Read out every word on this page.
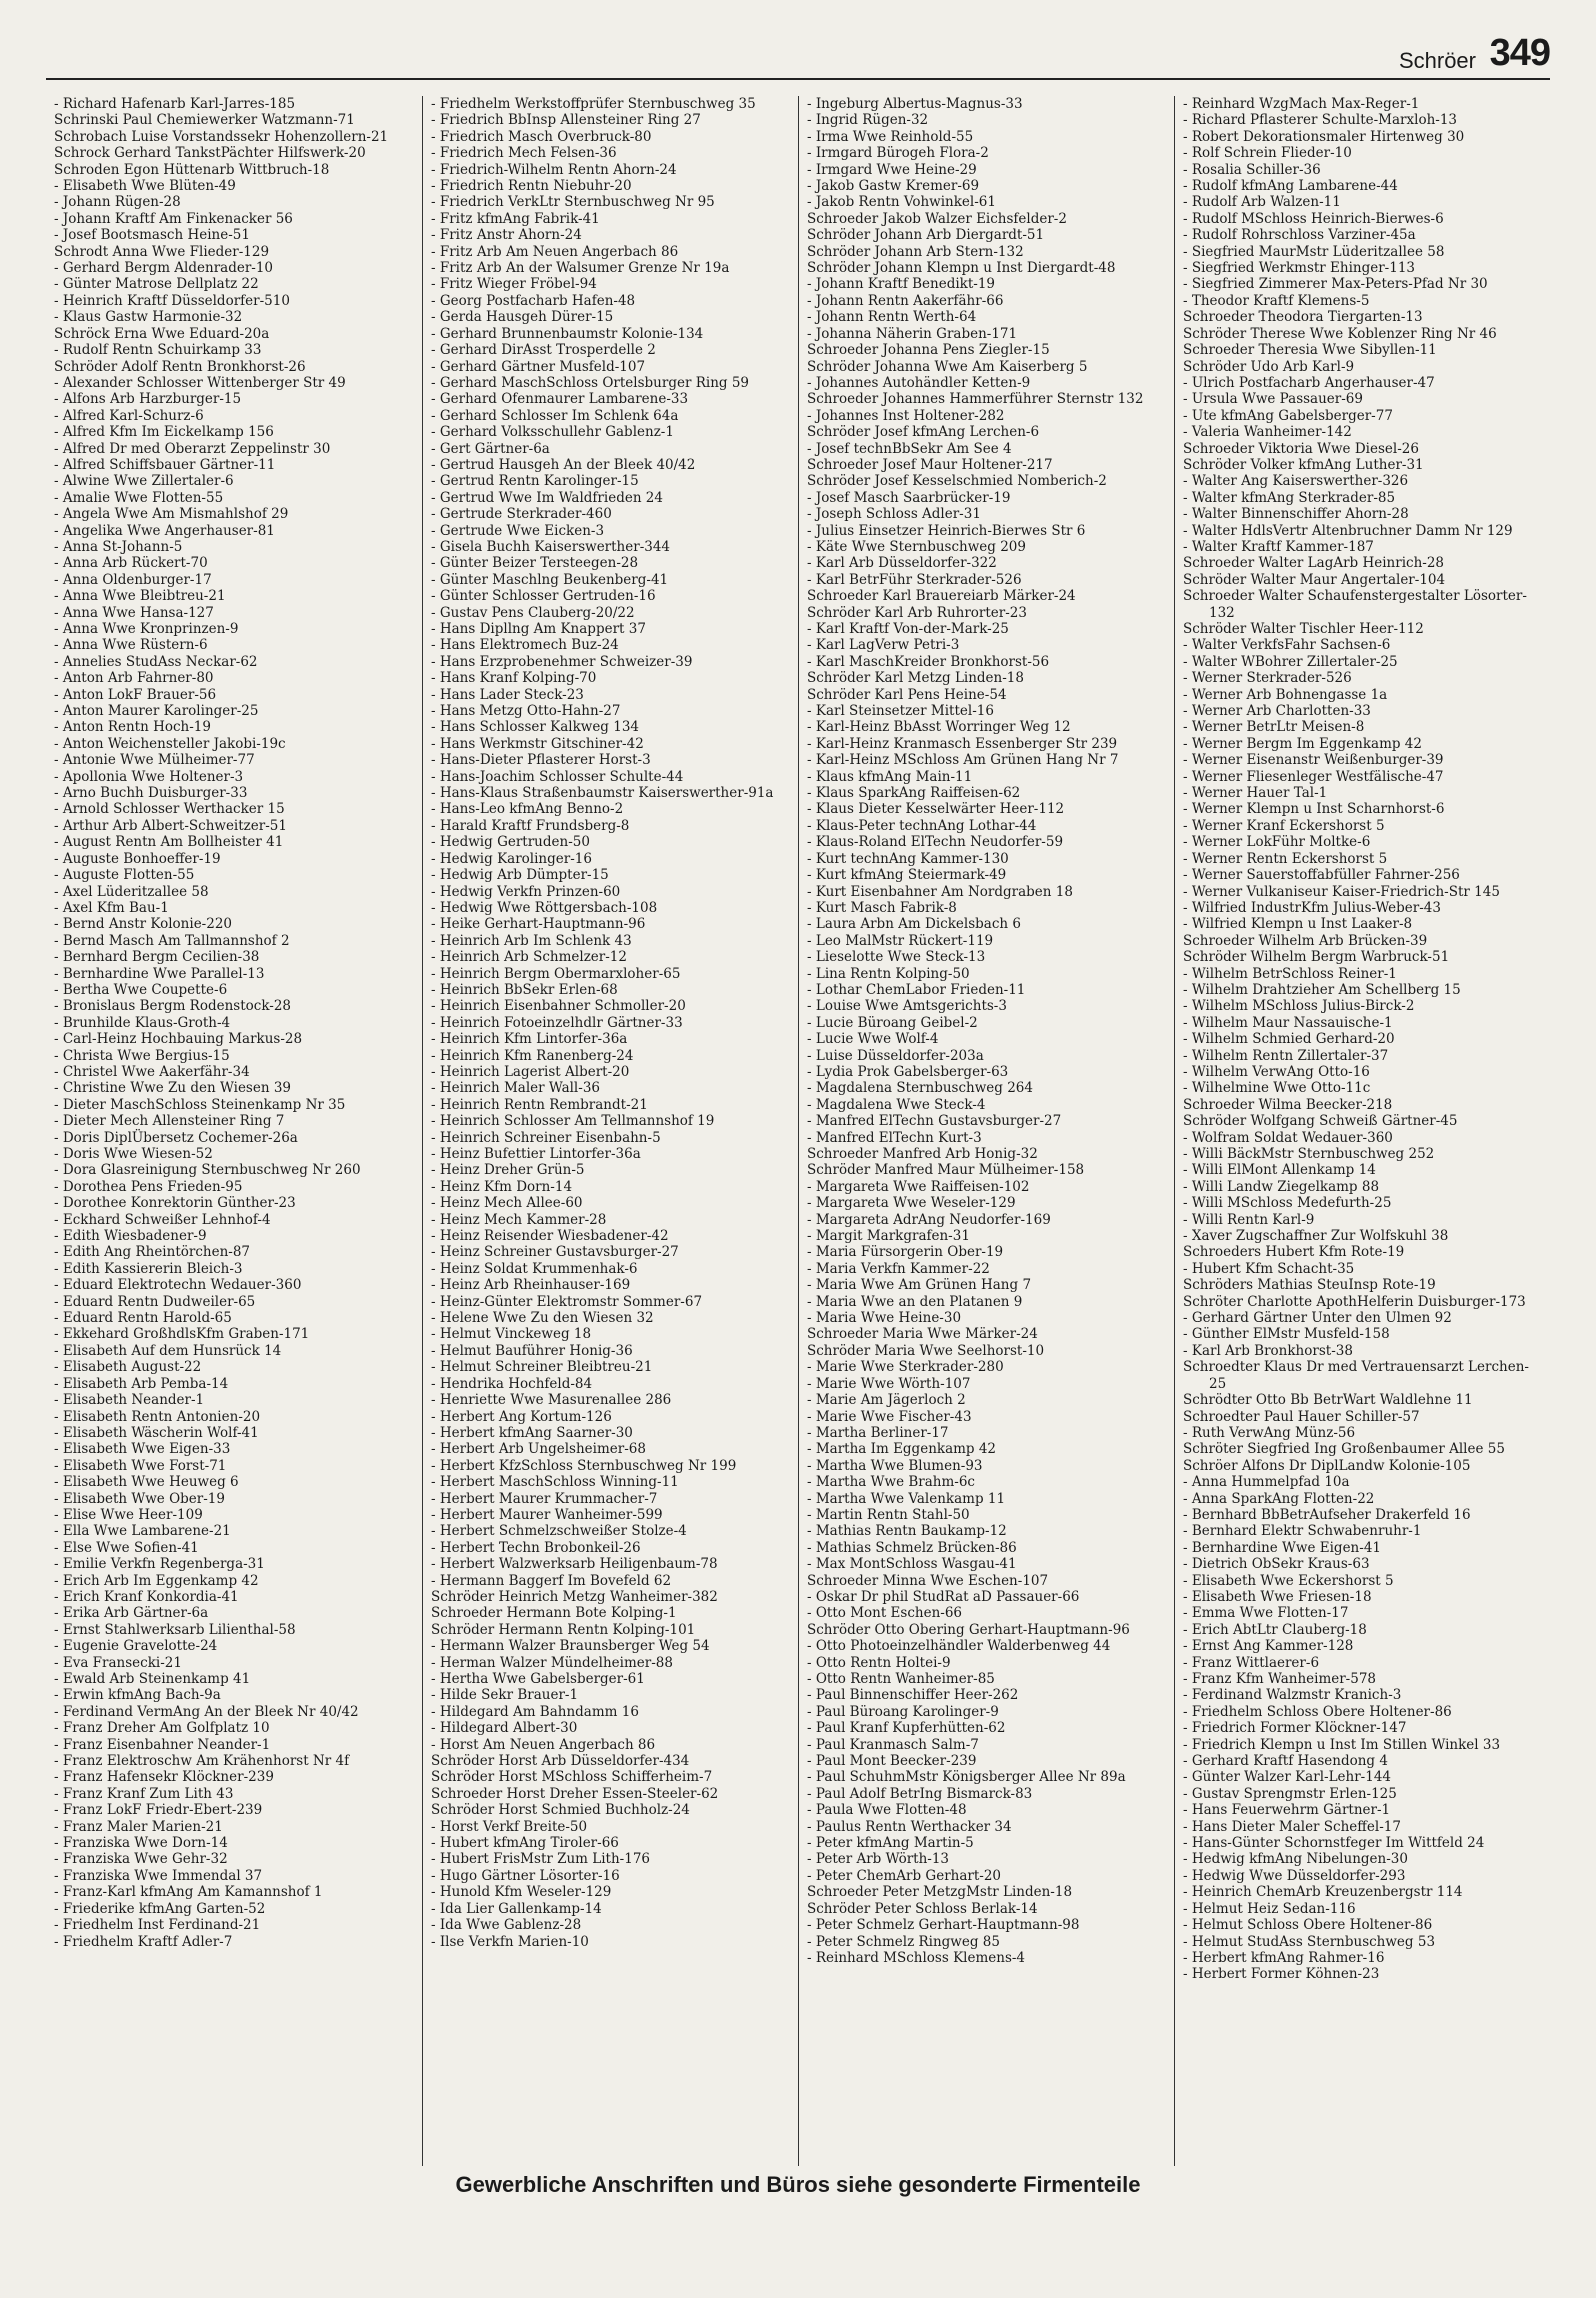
Schröer 349
- Richard Hafenarb Karl-Jarres-185
Schrinski Paul Chemiewerker Watzmann-71
Schrobach Luise Vorstandssekr Hohenzollern-21
Schrock Gerhard TankstPächter Hilfswerk-20
Schroden Egon Hüttenarb Wittbruch-18
- Elisabeth Wwe Blüten-49
- Johann Rügen-28
- Johann Kraftf Am Finkenacker 56
- Josef Bootsmasch Heine-51
Schrodt Anna Wwe Flieder-129
- Gerhard Bergm Aldenrader-10
- Günter Matrose Dellplatz 22
- Heinrich Kraftf Düsseldorfer-510
- Klaus Gastw Harmonie-32
Schröck Erna Wwe Eduard-20a
- Rudolf Rentn Schuirkamp 33
Schröder Adolf Rentn Bronkhorst-26
- Alexander Schlosser Wittenberger Str 49
- Alfons Arb Harzburger-15
- Alfred Karl-Schurz-6
- Alfred Kfm Im Eickelkamp 156
- Alfred Dr med Oberarzt Zeppelinstr 30
- Alfred Schiffsbauer Gärtner-11
- Alwine Wwe Zillertaler-6
- Amalie Wwe Flotten-55
- Angela Wwe Am Mismahlshof 29
- Angelika Wwe Angerhauser-81
- Anna St-Johann-5
- Anna Arb Rückert-70
- Anna Oldenburger-17
- Anna Wwe Bleibtreu-21
- Anna Wwe Hansa-127
- Anna Wwe Kronprinzen-9
- Anna Wwe Rüstern-6
- Annelies StudAss Neckar-62
- Anton Arb Fahrner-80
- Anton LokF Brauer-56
- Anton Maurer Karolinger-25
- Anton Rentn Hoch-19
- Anton Weichensteller Jakobi-19c
- Antonie Wwe Mülheimer-77
- Apollonia Wwe Holtener-3
- Arno Buchh Duisburger-33
- Arnold Schlosser Werthacker 15
- Arthur Arb Albert-Schweitzer-51
- August Rentn Am Bollheister 41
- Auguste Bonhoeffer-19
- Auguste Flotten-55
- Axel Lüderitzallee 58
- Axel Kfm Bau-1
- Bernd Anstr Kolonie-220
- Bernd Masch Am Tallmannshof 2
- Bernhard Bergm Cecilien-38
- Bernhardine Wwe Parallel-13
- Bertha Wwe Coupette-6
- Bronislaus Bergm Rodenstock-28
- Brunhilde Klaus-Groth-4
- Carl-Heinz Hochbauing Markus-28
- Christa Wwe Bergius-15
- Christel Wwe Aakerfähr-34
- Christine Wwe Zu den Wiesen 39
- Dieter MaschSchloss Steinenkamp Nr 35
- Dieter Mech Allensteiner Ring 7
- Doris DiplÜbersetz Cochemer-26a
- Doris Wwe Wiesen-52
- Dora Glasreinigung Sternbuschweg Nr 260
- Dorothea Pens Frieden-95
- Dorothee Konrektorin Günther-23
- Eckhard Schweißer Lehnhof-4
- Edith Wiesbadener-9
- Edith Ang Rheintörchen-87
- Edith Kassiererin Bleich-3
- Eduard Elektrotechn Wedauer-360
- Eduard Rentn Dudweiler-65
- Eduard Rentn Harold-65
- Ekkehard GroßhdlsKfm Graben-171
- Elisabeth Auf dem Hunsrück 14
- Elisabeth August-22
- Elisabeth Arb Pemba-14
- Elisabeth Neander-1
- Elisabeth Rentn Antonien-20
- Elisabeth Wäscherin Wolf-41
- Elisabeth Wwe Eigen-33
- Elisabeth Wwe Forst-71
- Elisabeth Wwe Heuweg 6
- Elisabeth Wwe Ober-19
- Elise Wwe Heer-109
- Ella Wwe Lambarene-21
- Else Wwe Sofien-41
- Emilie Verkfn Regenberga-31
- Erich Arb Im Eggenkamp 42
- Erich Kranf Konkordia-41
- Erika Arb Gärtner-6a
- Ernst Stahlwerksarb Lilienthal-58
- Eugenie Gravelotte-24
- Eva Fransecki-21
- Ewald Arb Steinenkamp 41
- Erwin kfmAng Bach-9a
- Ferdinand VermAng An der Bleek Nr 40/42
- Franz Dreher Am Golfplatz 10
- Franz Eisenbahner Neander-1
- Franz Elektroschw Am Krähenhorst Nr 4f
- Franz Hafensekr Klöckner-239
- Franz Kranf Zum Lith 43
- Franz LokF Friedr-Ebert-239
- Franz Maler Marien-21
- Franziska Wwe Dorn-14
- Franziska Wwe Gehr-32
- Franziska Wwe Immendal 37
- Franz-Karl kfmAng Am Kamannshof 1
- Friederike kfmAng Garten-52
- Friedhelm Inst Ferdinand-21
- Friedhelm Kraftf Adler-7
- Friedhelm Werkstoffprüfer Sternbuschweg 35
- Friedrich BbInsp Allensteiner Ring 27
- Friedrich Masch Overbruck-80
- Friedrich Mech Felsen-36
- Friedrich-Wilhelm Rentn Ahorn-24
- Friedrich Rentn Niebuhr-20
- Friedrich VerkLtr Sternbuschweg Nr 95
- Fritz kfmAng Fabrik-41
- Fritz Anstr Ahorn-24
- Fritz Arb Am Neuen Angerbach 86
- Fritz Arb An der Walsumer Grenze Nr 19a
- Fritz Wieger Fröbel-94
- Georg Postfacharb Hafen-48
- Gerda Hausgeh Dürer-15
- Gerhard Brunnenbaumstr Kolonie-134
- Gerhard DirAsst Trosperdelle 2
- Gerhard Gärtner Musfeld-107
- Gerhard MaschSchloss Ortelsburger Ring 59
- Gerhard Ofenmaurer Lambarene-33
- Gerhard Schlosser Im Schlenk 64a
- Gerhard Volksschullehr Gablenz-1
- Gert Gärtner-6a
- Gertrud Hausgeh An der Bleek 40/42
- Gertrud Rentn Karolinger-15
- Gertrud Wwe Im Waldfrieden 24
- Gertrude Sterkrader-460
- Gertrude Wwe Eicken-3
- Gisela Buchh Kaiserswerther-344
- Günter Beizer Tersteegen-28
- Günter Maschlng Beukenberg-41
- Günter Schlosser Gertruden-16
- Gustav Pens Clauberg-20/22
- Hans Dipllng Am Knappert 37
- Hans Elektromech Buz-24
- Hans Erzprobenehmer Schweizer-39
- Hans Kranf Kolping-70
- Hans Lader Steck-23
- Hans Metzg Otto-Hahn-27
- Hans Schlosser Kalkweg 134
- Hans Werkmstr Gitschiner-42
- Hans-Dieter Pflasterer Horst-3
- Hans-Joachim Schlosser Schulte-44
- Hans-Klaus Straßenbaumstr Kaiserswerther-91a
- Hans-Leo kfmAng Benno-2
- Harald Kraftf Frundsberg-8
- Hedwig Gertruden-50
- Hedwig Karolinger-16
- Hedwig Arb Dümpter-15
- Hedwig Verkfn Prinzen-60
- Hedwig Wwe Röttgersbach-108
- Heike Gerhart-Hauptmann-96
- Heinrich Arb Im Schlenk 43
- Heinrich Arb Schmelzer-12
- Heinrich Bergm Obermarxloher-65
- Heinrich BbSekr Erlen-68
- Heinrich Eisenbahner Schmoller-20
- Heinrich Fotoeinzelhdlr Gärtner-33
- Heinrich Kfm Lintorfer-36a
- Heinrich Kfm Ranenberg-24
- Heinrich Lagerist Albert-20
- Heinrich Maler Wall-36
- Heinrich Rentn Rembrandt-21
- Heinrich Schlosser Am Tellmannshof 19
- Heinrich Schreiner Eisenbahn-5
- Heinz Bufettier Lintorfer-36a
- Heinz Dreher Grün-5
- Heinz Kfm Dorn-14
- Heinz Mech Allee-60
- Heinz Mech Kammer-28
- Heinz Reisender Wiesbadener-42
- Heinz Schreiner Gustavsburger-27
- Heinz Soldat Krummenhak-6
- Heinz Arb Rheinhauser-169
- Heinz-Günter Elektromstr Sommer-67
- Helene Wwe Zu den Wiesen 32
- Helmut Vinckeweg 18
- Helmut Bauführer Honig-36
- Helmut Schreiner Bleibtreu-21
- Hendrika Hochfeld-84
- Henriette Wwe Masurenallee 286
- Herbert Ang Kortum-126
- Herbert kfmAng Saarner-30
- Herbert Arb Ungelsheimer-68
- Herbert KfzSchloss Sternbuschweg Nr 199
- Herbert MaschSchloss Winning-11
- Herbert Maurer Krummacher-7
- Herbert Maurer Wanheimer-599
- Herbert Schmelzschweißer Stolze-4
- Herbert Techn Brobonkeil-26
- Herbert Walzwerksarb Heiligenbaum-78
- Hermann Baggerf Im Bovefeld 62
Schröder Heinrich Metzg Wanheimer-382
Schroeder Hermann Bote Kolping-1
Schröder Hermann Rentn Kolping-101
- Hermann Walzer Braunsberger Weg 54
- Herman Walzer Mündelheimer-88
- Hertha Wwe Gabelsberger-61
- Hilde Sekr Brauer-1
- Hildegard Am Bahndamm 16
- Hildegard Albert-30
- Horst Am Neuen Angerbach 86
Schröder Horst Arb Düsseldorfer-434
Schröder Horst MSchloss Schifferheim-7
Schroeder Horst Dreher Essen-Steeler-62
Schröder Horst Schmied Buchholz-24
- Horst Verkf Breite-50
- Hubert kfmAng Tiroler-66
- Hubert FrisMstr Zum Lith-176
- Hugo Gärtner Lösorter-16
- Hunold Kfm Weseler-129
- Ida Lier Gallenkamp-14
- Ida Wwe Gablenz-28
- Ilse Verkfn Marien-10
- Ingeburg Albertus-Magnus-33
- Ingrid Rügen-32
- Irma Wwe Reinhold-55
- Irmgard Bürogeh Flora-2
- Irmgard Wwe Heine-29
- Jakob Gastw Kremer-69
- Jakob Rentn Vohwinkel-61
Schroeder Jakob Walzer Eichsfelder-2
Schröder Johann Arb Diergardt-51
Schröder Johann Arb Stern-132
Schröder Johann Klempn u Inst Diergardt-48
- Johann Kraftf Benedikt-19
- Johann Rentn Aakerfähr-66
- Johann Rentn Werth-64
- Johanna Näherin Graben-171
Schroeder Johanna Pens Ziegler-15
Schröder Johanna Wwe Am Kaiserberg 5
- Johannes Autohändler Ketten-9
Schroeder Johannes Hammerführer Sternstr 132
- Johannes Inst Holtener-282
Schröder Josef kfmAng Lerchen-6
- Josef technBbSekr Am See 4
Schroeder Josef Maur Holtener-217
Schröder Josef Kesselschmied Nomberich-2
- Josef Masch Saarbrücker-19
- Joseph Schloss Adler-31
- Julius Einsetzer Heinrich-Bierwes Str 6
- Käte Wwe Sternbuschweg 209
- Karl Arb Düsseldorfer-322
- Karl BetrFühr Sterkrader-526
Schroeder Karl Brauereiarb Märker-24
Schröder Karl Arb Ruhrorter-23
- Karl Kraftf Von-der-Mark-25
- Karl LagVerw Petri-3
- Karl MaschKreider Bronkhorst-56
Schröder Karl Metzg Linden-18
Schröder Karl Pens Heine-54
- Karl Steinsetzer Mittel-16
- Karl-Heinz BbAsst Worringer Weg 12
- Karl-Heinz Kranmasch Essenberger Str 239
- Karl-Heinz MSchloss Am Grünen Hang Nr 7
- Klaus kfmAng Main-11
- Klaus SparkAng Raiffeisen-62
- Klaus Dieter Kesselwärter Heer-112
- Klaus-Peter technAng Lothar-44
- Klaus-Roland ElTechn Neudorfer-59
- Kurt technAng Kammer-130
- Kurt kfmAng Steiermark-49
- Kurt Eisenbahner Am Nordgraben 18
- Kurt Masch Fabrik-8
- Laura Arbn Am Dickelsbach 6
- Leo MalMstr Rückert-119
- Lieselotte Wwe Steck-13
- Lina Rentn Kolping-50
- Lothar ChemLabor Frieden-11
- Louise Wwe Amtsgerichts-3
- Lucie Büroang Geibel-2
- Lucie Wwe Wolf-4
- Luise Düsseldorfer-203a
- Lydia Prok Gabelsberger-63
- Magdalena Sternbuschweg 264
- Magdalena Wwe Steck-4
- Manfred ElTechn Gustavsburger-27
- Manfred ElTechn Kurt-3
Schroeder Manfred Arb Honig-32
Schröder Manfred Maur Mülheimer-158
- Margareta Wwe Raiffeisen-102
- Margareta Wwe Weseler-129
- Margareta AdrAng Neudorfer-169
- Margit Markgrafen-31
- Maria Fürsorgerin Ober-19
- Maria Verkfn Kammer-22
- Maria Wwe Am Grünen Hang 7
- Maria Wwe an den Platanen 9
- Maria Wwe Heine-30
Schroeder Maria Wwe Märker-24
Schröder Maria Wwe Seelhorst-10
- Marie Wwe Sterkrader-280
- Marie Wwe Wörth-107
- Marie Am Jägerloch 2
- Marie Wwe Fischer-43
- Martha Berliner-17
- Martha Im Eggenkamp 42
- Martha Wwe Blumen-93
- Martha Wwe Brahm-6c
- Martha Wwe Valenkamp 11
- Martin Rentn Stahl-50
- Mathias Rentn Baukamp-12
- Mathias Schmelz Brücken-86
- Max MontSchloss Wasgau-41
Schroeder Minna Wwe Eschen-107
- Oskar Dr phil StudRat aD Passauer-66
- Otto Mont Eschen-66
Schröder Otto Obering Gerhart-Hauptmann-96
- Otto Photoeinzelhändler Walderbenweg 44
- Otto Rentn Holtei-9
- Otto Rentn Wanheimer-85
- Paul Binnenschiffer Heer-262
- Paul Büroang Karolinger-9
- Paul Kranf Kupferhütten-62
- Paul Kranmasch Salm-7
- Paul Mont Beecker-239
- Paul SchuhmMstr Königsberger Allee Nr 89a
- Paul Adolf BetrIng Bismarck-83
- Paula Wwe Flotten-48
- Paulus Rentn Werthacker 34
- Peter kfmAng Martin-5
- Peter Arb Wörth-13
- Peter ChemArb Gerhart-20
Schroeder Peter MetzgMstr Linden-18
Schröder Peter Schloss Berlak-14
- Peter Schmelz Gerhart-Hauptmann-98
- Peter Schmelz Ringweg 85
- Reinhard MSchloss Klemens-4
- Reinhard WzgMach Max-Reger-1
- Richard Pflasterer Schulte-Marxloh-13
- Robert Dekorationsmaler Hirtenweg 30
- Rolf Schrein Flieder-10
- Rosalia Schiller-36
- Rudolf kfmAng Lambarene-44
- Rudolf Arb Walzen-11
- Rudolf MSchloss Heinrich-Bierwes-6
- Rudolf Rohrschloss Varziner-45a
- Siegfried MaurMstr Lüderitzallee 58
- Siegfried Werkmstr Ehinger-113
- Siegfried Zimmerer Max-Peters-Pfad Nr 30
- Theodor Kraftf Klemens-5
Schroeder Theodora Tiergarten-13
Schröder Therese Wwe Koblenzer Ring Nr 46
Schroeder Theresia Wwe Sibyllen-11
Schröder Udo Arb Karl-9
- Ulrich Postfacharb Angerhauser-47
- Ursula Wwe Passauer-69
- Ute kfmAng Gabelsberger-77
- Valeria Wanheimer-142
Schroeder Viktoria Wwe Diesel-26
Schröder Volker kfmAng Luther-31
- Walter Ang Kaiserswerther-326
- Walter kfmAng Sterkrader-85
- Walter Binnenschiffer Ahorn-28
- Walter HdlsVertr Altenbruchner Damm Nr 129
- Walter Kraftf Kammer-187
Schroeder Walter LagArb Heinrich-28
Schröder Walter Maur Angertaler-104
Schroeder Walter Schaufenstergestalter Lösorter-132
Schröder Walter Tischler Heer-112
- Walter VerkfsFahr Sachsen-6
- Walter WBohrer Zillertaler-25
- Werner Sterkrader-526
- Werner Arb Bohnengasse 1a
- Werner Arb Charlotten-33
- Werner BetrLtr Meisen-8
- Werner Bergm Im Eggenkamp 42
- Werner Eisenanstr Weißenburger-39
- Werner Fliesenleger Westfälische-47
- Werner Hauer Tal-1
- Werner Klempn u Inst Scharnhorst-6
- Werner Kranf Eckershorst 5
- Werner LokFühr Moltke-6
- Werner Rentn Eckershorst 5
- Werner Sauerstoffabfüller Fahrner-256
- Werner Vulkaniseur Kaiser-Friedrich-Str 145
- Wilfried IndustrKfm Julius-Weber-43
- Wilfried Klempn u Inst Laaker-8
Schroeder Wilhelm Arb Brücken-39
Schröder Wilhelm Bergm Warbruck-51
- Wilhelm BetrSchloss Reiner-1
- Wilhelm Drahtzieher Am Schellberg 15
- Wilhelm MSchloss Julius-Birck-2
- Wilhelm Maur Nassauische-1
- Wilhelm Schmied Gerhard-20
- Wilhelm Rentn Zillertaler-37
- Wilhelm VerwAng Otto-16
- Wilhelmine Wwe Otto-11c
Schroeder Wilma Beecker-218
Schröder Wolfgang Schweiß Gärtner-45
- Wolfram Soldat Wedauer-360
- Willi BäckMstr Sternbuschweg 252
- Willi ElMont Allenkamp 14
- Willi Landw Ziegelkamp 88
- Willi MSchloss Medefurth-25
- Willi Rentn Karl-9
- Xaver Zugschaffner Zur Wolfskuhl 38
Schroeders Hubert Kfm Rote-19
- Hubert Kfm Schacht-35
Schröders Mathias SteuInsp Rote-19
Schröter Charlotte ApothHelferin Duisburger-173
- Gerhard Gärtner Unter den Ulmen 92
- Günther ElMstr Musfeld-158
- Karl Arb Bronkhorst-38
Schroedter Klaus Dr med Vertrauensarzt Lerchen-25
Schrödter Otto Bb BetrWart Waldlehne 11
Schroedter Paul Hauer Schiller-57
- Ruth VerwAng Münz-56
Schröter Siegfried Ing Großenbaumer Allee 55
Schröer Alfons Dr DiplLandw Kolonie-105
- Anna Hummelpfad 10a
- Anna SparkAng Flotten-22
- Bernhard BbBetrAufseher Drakerfeld 16
- Bernhard Elektr Schwabenruhr-1
- Bernhardine Wwe Eigen-41
- Dietrich ObSekr Kraus-63
- Elisabeth Wwe Eckershorst 5
- Elisabeth Wwe Friesen-18
- Emma Wwe Flotten-17
- Erich AbtLtr Clauberg-18
- Ernst Ang Kammer-128
- Franz Wittlaerer-6
- Franz Kfm Wanheimer-578
- Ferdinand Walzmstr Kranich-3
- Friedhelm Schloss Obere Holtener-86
- Friedrich Former Klöckner-147
- Friedrich Klempn u Inst Im Stillen Winkel 33
- Gerhard Kraftf Hasendong 4
- Günter Walzer Karl-Lehr-144
- Gustav Sprengmstr Erlen-125
- Hans Feuerwehrm Gärtner-1
- Hans Dieter Maler Scheffel-17
- Hans-Günter Schornstfeger Im Wittfeld 24
- Hedwig kfmAng Nibelungen-30
- Hedwig Wwe Düsseldorfer-293
- Heinrich ChemArb Kreuzenbergstr 114
- Helmut Heiz Sedan-116
- Helmut Schloss Obere Holtener-86
- Helmut StudAss Sternbuschweg 53
- Herbert kfmAng Rahmer-16
- Herbert Former Köhnen-23
Gewerbliche Anschriften und Büros siehe gesonderte Firmenteile
